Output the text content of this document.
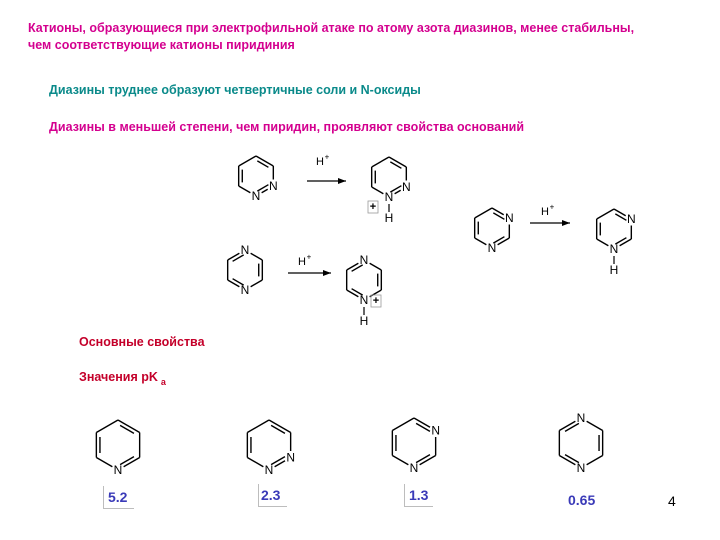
Катионы, образующиеся при электрофильной атаке по атому азота диазинов, менее стабильны,
чем соответствующие катионы пиридиния
Диазины труднее образуют четвертичные соли и N-оксиды
Диазины в меньшей степени, чем пиридин, проявляют свойства оснований
Основные свойства
Значения pK $_a$
5.2	2.3	1.3	0.65	4
N
N
H +
N
N
H
+
N
N
H +	N
N
H
+
N
N
H +
N
N
H
N
N
N
N
N
N
N
